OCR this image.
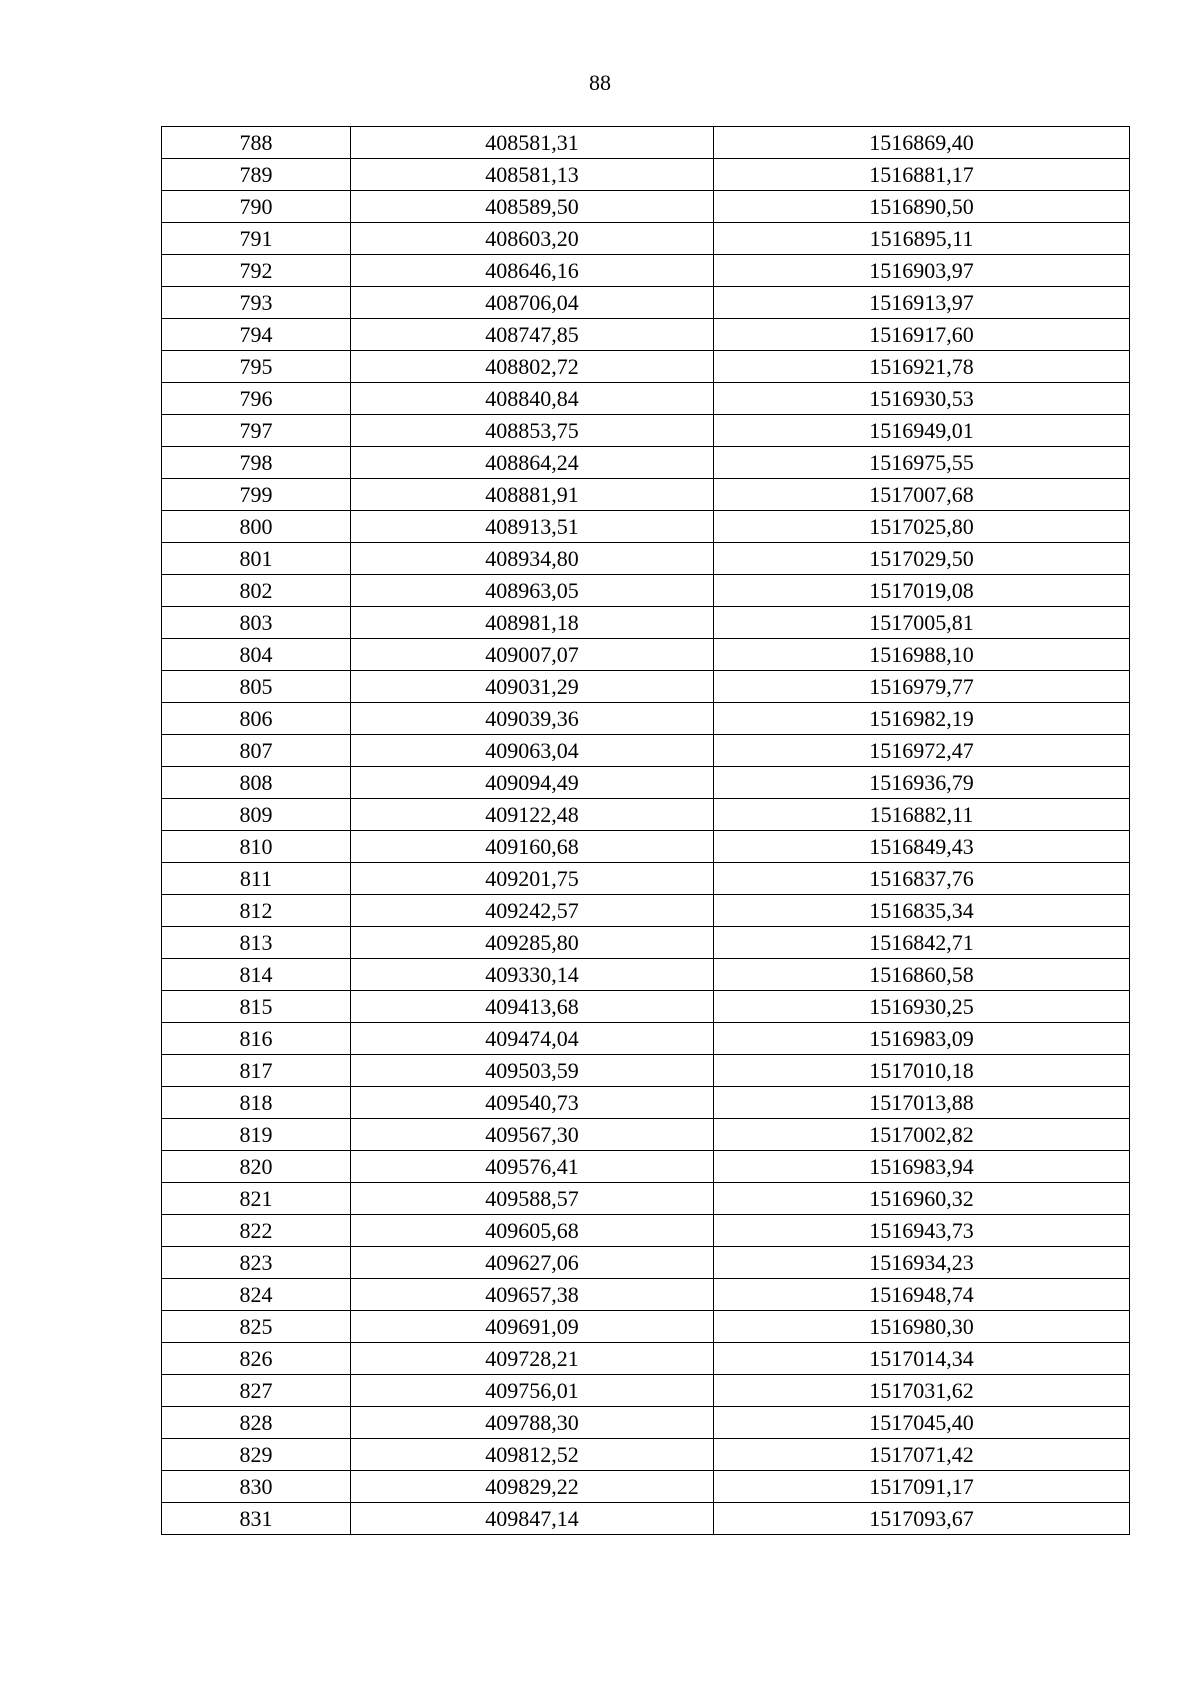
88
788	408581,31	1516869,40
789	408581,13	1516881,17
790	408589,50	1516890,50
791	408603,20	1516895,11
792	408646,16	1516903,97
793	408706,04	1516913,97
794	408747,85	1516917,60
795	408802,72	1516921,78
796	408840,84	1516930,53
797	408853,75	1516949,01
798	408864,24	1516975,55
799	408881,91	1517007,68
800	408913,51	1517025,80
801	408934,80	1517029,50
802	408963,05	1517019,08
803	408981,18	1517005,81
804	409007,07	1516988,10
805	409031,29	1516979,77
806	409039,36	1516982,19
807	409063,04	1516972,47
808	409094,49	1516936,79
809	409122,48	1516882,11
810	409160,68	1516849,43
811	409201,75	1516837,76
812	409242,57	1516835,34
813	409285,80	1516842,71
814	409330,14	1516860,58
815	409413,68	1516930,25
816	409474,04	1516983,09
817	409503,59	1517010,18
818	409540,73	1517013,88
819	409567,30	1517002,82
820	409576,41	1516983,94
821	409588,57	1516960,32
822	409605,68	1516943,73
823	409627,06	1516934,23
824	409657,38	1516948,74
825	409691,09	1516980,30
826	409728,21	1517014,34
827	409756,01	1517031,62
828	409788,30	1517045,40
829	409812,52	1517071,42
830	409829,22	1517091,17
831	409847,14	1517093,67
